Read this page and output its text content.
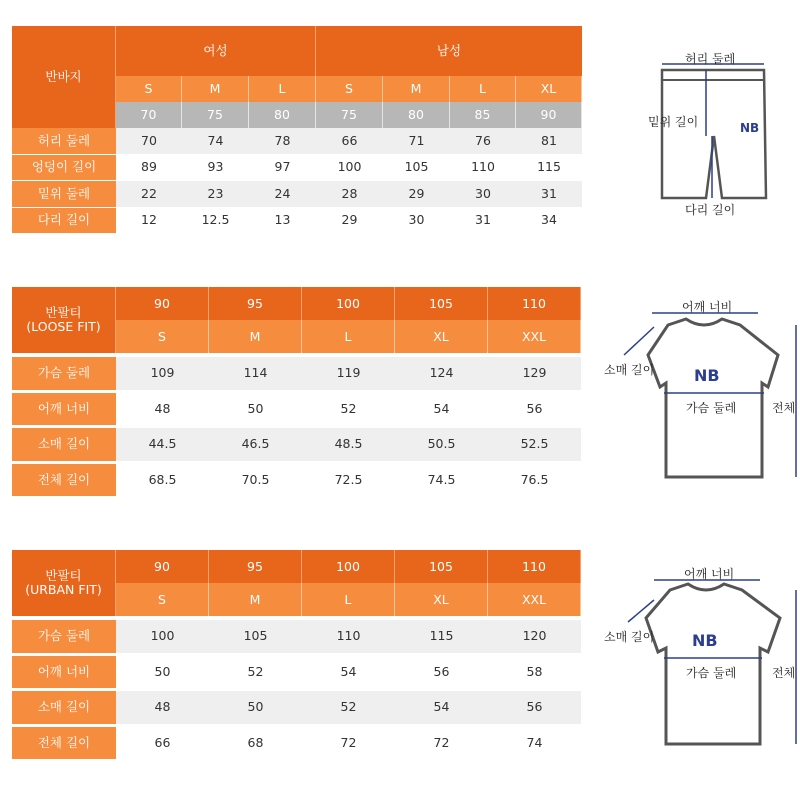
반바지
여성	남성
S	M	L	S	M	L	XL
70	75	80	75	80	85	90
허리 둘레	70	74	78	66	71	76	81
엉덩이 길이	89	93	97	100	105	110	115
밑위 둘레	22	23	24	28	29	30	31
다리 길이	12	12.5	13	29	30	31	34
반팔티
(LOOSE FIT)
90	95	100	105	110
S	M	L	XL	XXL
가슴 둘레	109	114	119	124	129
어깨 너비	48	50	52	54	56
소매 길이	44.5	46.5	48.5	50.5	52.5
전체 길이	68.5	70.5	72.5	74.5	76.5
반팔티
(URBAN FIT)
90	95	100	105	110
S	M	L	XL	XXL
가슴 둘레	100	105	110	115	120
어깨 너비	50	52	54	56	58
소매 길이	48	50	52	54	56
전체 길이	66	68	72	72	74
NB
허리 둘레
밑위 길이
다리 길이
NB
어깨 너비
소매 길이
가슴 둘레	전체
NB
어깨 너비
소매 길이
가슴 둘레	전체
